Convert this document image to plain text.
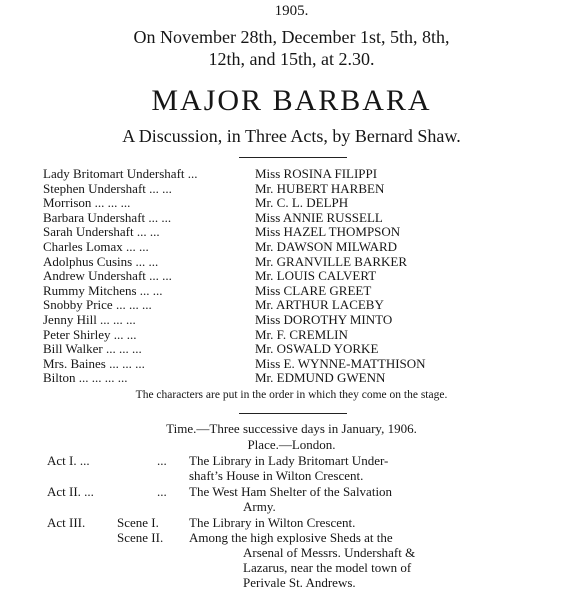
1905.
On November 28th, December 1st, 5th, 8th,
12th, and 15th, at 2.30.
MAJOR BARBARA
A Discussion, in Three Acts, by Bernard Shaw.
Lady Britomart Undershaft ...	Miss ROSINA FILIPPI
Stephen Undershaft ... ...	Mr. HUBERT HARBEN
Morrison ... ... ...	Mr. C. L. DELPH
Barbara Undershaft ... ...	Miss ANNIE RUSSELL
Sarah Undershaft ... ...	Miss HAZEL THOMPSON
Charles Lomax ... ...	Mr. DAWSON MILWARD
Adolphus Cusins ... ...	Mr. GRANVILLE BARKER
Andrew Undershaft ... ...	Mr. LOUIS CALVERT
Rummy Mitchens ... ...	Miss CLARE GREET
Snobby Price ... ... ...	Mr. ARTHUR LACEBY
Jenny Hill ... ... ...	Miss DOROTHY MINTO
Peter Shirley ... ...	Mr. F. CREMLIN
Bill Walker ... ... ...	Mr. OSWALD YORKE
Mrs. Baines ... ... ...	Miss E. WYNNE-MATTHISON
Bilton ... ... ... ...	Mr. EDMUND GWENN
The characters are put in the order in which they come on the stage.
Time.—Three successive days in January, 1906.
Place.—London.
Act I. ...	... The Library in Lady Britomart Under-
shaft’s House in Wilton Crescent.
Act II. ...	... The West Ham Shelter of the Salvation
Army.
Act III. Scene I. The Library in Wilton Crescent.
Scene II. Among the high explosive Sheds at the
Arsenal of Messrs. Undershaft &
Lazarus, near the model town of
Perivale St. Andrews.
